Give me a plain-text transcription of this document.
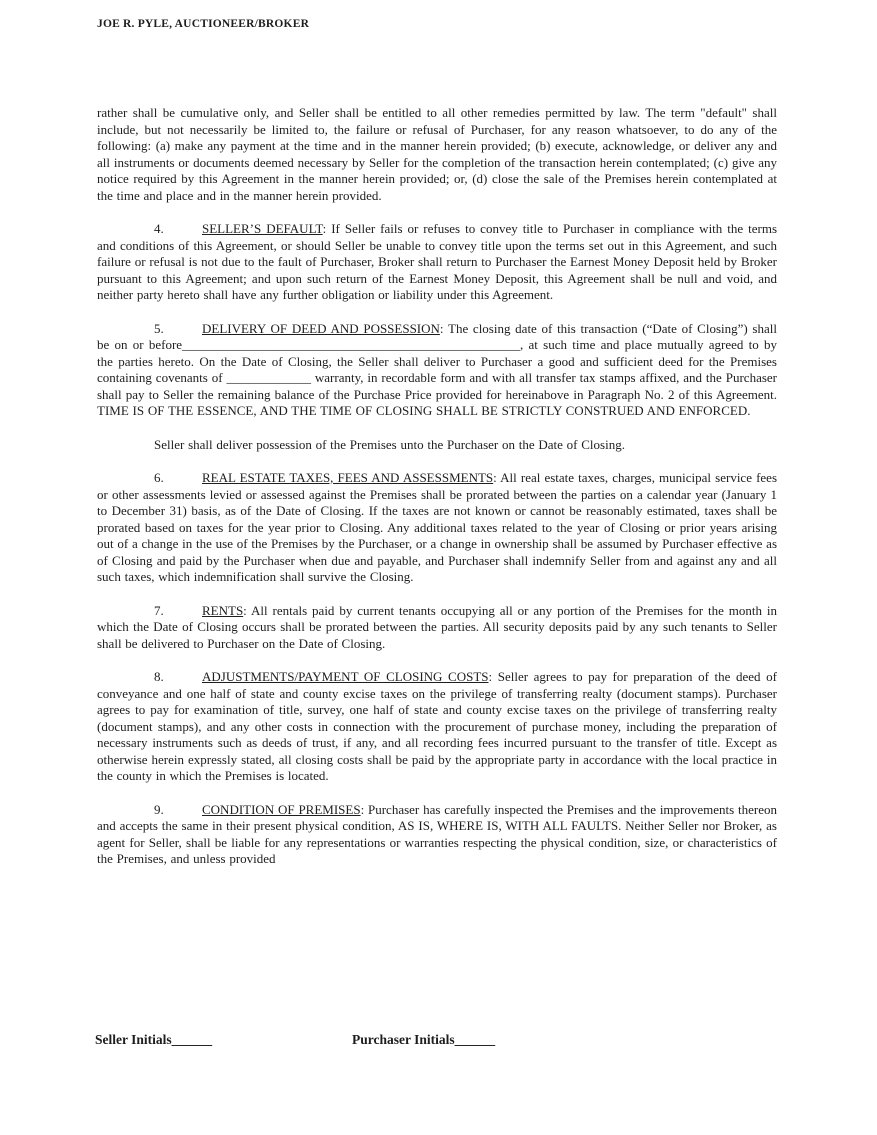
JOE R. PYLE, AUCTIONEER/BROKER

rather shall be cumulative only, and Seller shall be entitled to all other remedies permitted by law. The term "default" shall include, but not necessarily be limited to, the failure or refusal of Purchaser, for any reason whatsoever, to do any of the following: (a) make any payment at the time and in the manner herein provided; (b) execute, acknowledge, or deliver any and all instruments or documents deemed necessary by Seller for the completion of the transaction herein contemplated; (c) give any notice required by this Agreement in the manner herein provided; or, (d) close the sale of the Premises herein contemplated at the time and place and in the manner herein provided.

4.	SELLER’S DEFAULT: If Seller fails or refuses to convey title to Purchaser in compliance with the terms and conditions of this Agreement, or should Seller be unable to convey title upon the terms set out in this Agreement, and such failure or refusal is not due to the fault of Purchaser, Broker shall return to Purchaser the Earnest Money Deposit held by Broker pursuant to this Agreement; and upon such return of the Earnest Money Deposit, this Agreement shall be null and void, and neither party hereto shall have any further obligation or liability under this Agreement.

5.	DELIVERY OF DEED AND POSSESSION: The closing date of this transaction (“Date of Closing”) shall be on or before____________________________________________________, at such time and place mutually agreed to by the parties hereto. On the Date of Closing, the Seller shall deliver to Purchaser a good and sufficient deed for the Premises containing covenants of _____________ warranty, in recordable form and with all transfer tax stamps affixed, and the Purchaser shall pay to Seller the remaining balance of the Purchase Price provided for hereinabove in Paragraph No. 2 of this Agreement. TIME IS OF THE ESSENCE, AND THE TIME OF CLOSING SHALL BE STRICTLY CONSTRUED AND ENFORCED.

Seller shall deliver possession of the Premises unto the Purchaser on the Date of Closing.

6.	REAL ESTATE TAXES, FEES AND ASSESSMENTS: All real estate taxes, charges, municipal service fees or other assessments levied or assessed against the Premises shall be prorated between the parties on a calendar year (January 1 to December 31) basis, as of the Date of Closing. If the taxes are not known or cannot be reasonably estimated, taxes shall be prorated based on taxes for the year prior to Closing. Any additional taxes related to the year of Closing or prior years arising out of a change in the use of the Premises by the Purchaser, or a change in ownership shall be assumed by Purchaser effective as of Closing and paid by the Purchaser when due and payable, and Purchaser shall indemnify Seller from and against any and all such taxes, which indemnification shall survive the Closing.

7.	RENTS: All rentals paid by current tenants occupying all or any portion of the Premises for the month in which the Date of Closing occurs shall be prorated between the parties. All security deposits paid by any such tenants to Seller shall be delivered to Purchaser on the Date of Closing.

8.	ADJUSTMENTS/PAYMENT OF CLOSING COSTS: Seller agrees to pay for preparation of the deed of conveyance and one half of state and county excise taxes on the privilege of transferring realty (document stamps). Purchaser agrees to pay for examination of title, survey, one half of state and county excise taxes on the privilege of transferring realty (document stamps), and any other costs in connection with the procurement of purchase money, including the preparation of necessary instruments such as deeds of trust, if any, and all recording fees incurred pursuant to the transfer of title. Except as otherwise herein expressly stated, all closing costs shall be paid by the appropriate party in accordance with the local practice in the county in which the Premises is located.

9.	CONDITION OF PREMISES: Purchaser has carefully inspected the Premises and the improvements thereon and accepts the same in their present physical condition, AS IS, WHERE IS, WITH ALL FAULTS. Neither Seller nor Broker, as agent for Seller, shall be liable for any representations or warranties respecting the physical condition, size, or characteristics of the Premises, and unless provided

Seller Initials______	Purchaser Initials______
